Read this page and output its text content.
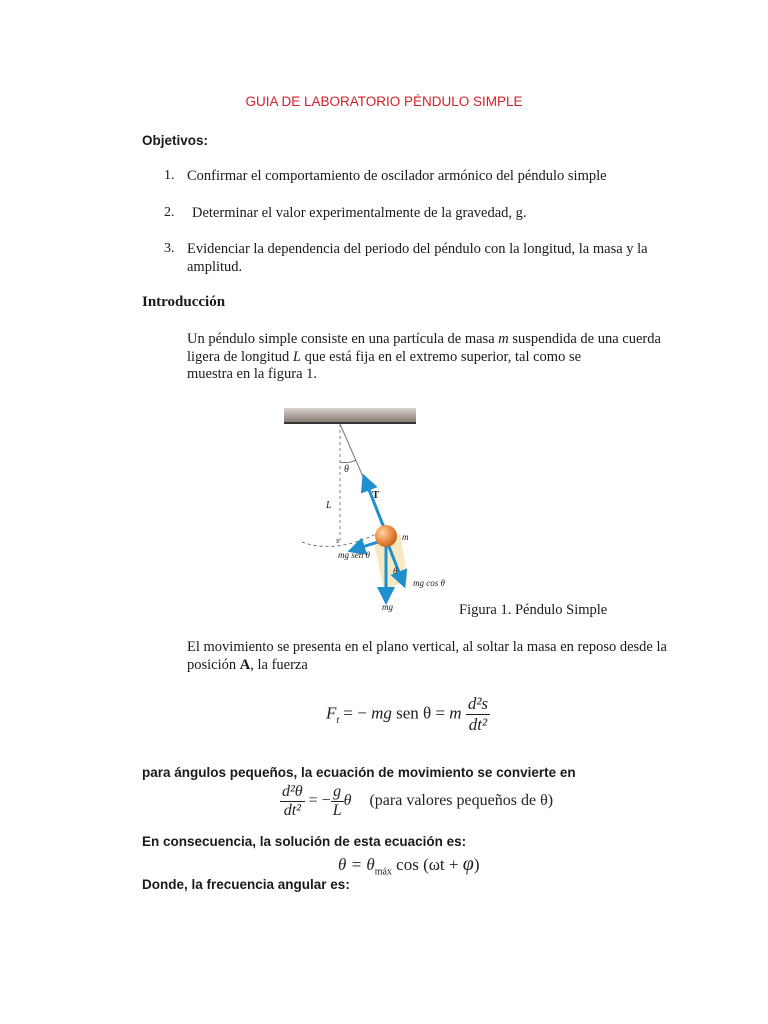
GUIA DE LABORATORIO PÉNDULO SIMPLE
Objetivos:
1. Confirmar el comportamiento de oscilador armónico del péndulo simple
2. Determinar el valor experimentalmente de la gravedad, g.
3. Evidenciar la dependencia del periodo del péndulo con la longitud, la masa y la amplitud.
Introducción
Un péndulo simple consiste en una partícula de masa m suspendida de una cuerda
ligera de longitud L que está fija en el extremo superior, tal como se
muestra en la figura 1.
θ
T
L
m
s
mg sen θ
θ
mg cos θ
mg	Figura 1. Péndulo Simple
El movimiento se presenta en el plano vertical, al soltar la masa en reposo desde la
posición A, la fuerza
$F_t$ = − mg sen θ = m $\frac{\text{d²s}}{\text{dt²}}$
para ángulos pequeños, la ecuación de movimiento se convierte en
$\frac{\text{d²θ}}{\text{dt²}}$ = − $\frac{g}{L}$ θ (para valores pequeños de θ)
En consecuencia, la solución de esta ecuación es:
$\theta = \theta_{máx}$ cos (ωt + φ)
Donde, la frecuencia angular es:
